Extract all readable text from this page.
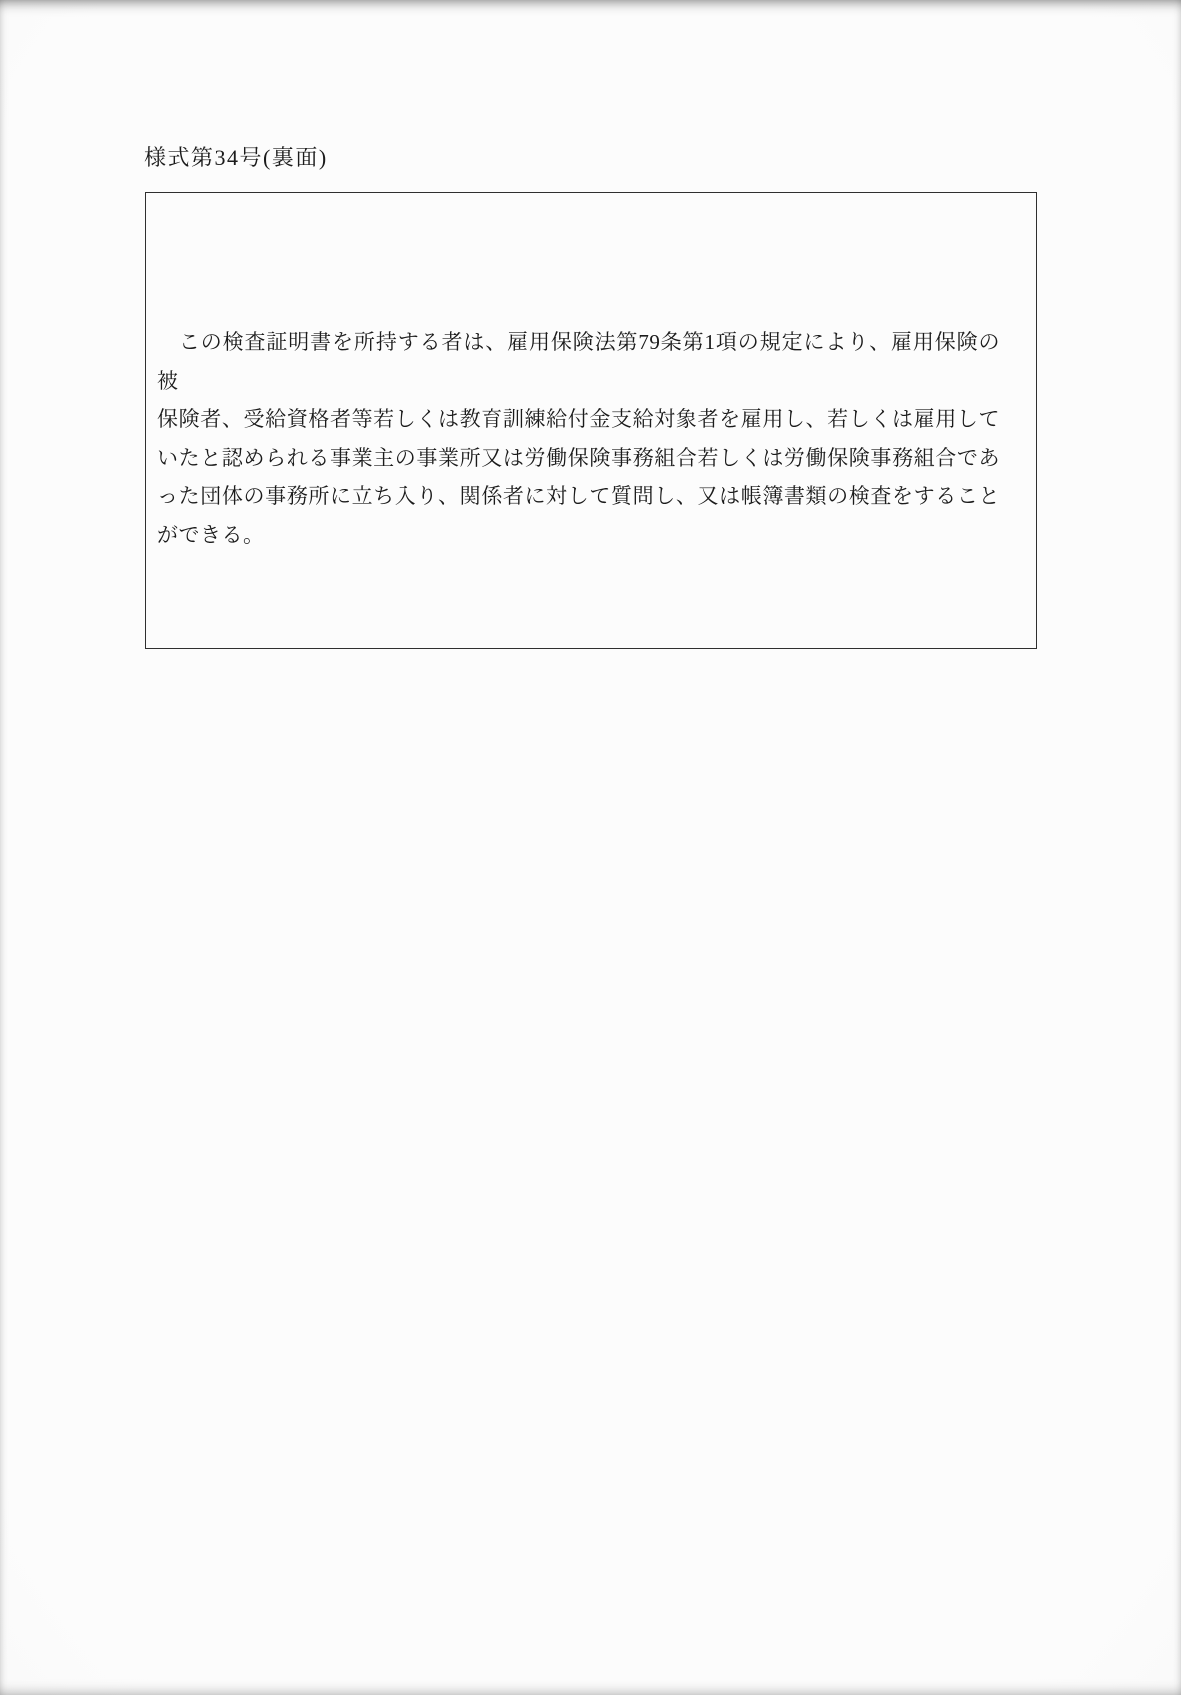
様式第34号(裏面)

　この検査証明書を所持する者は、雇用保険法第79条第1項の規定により、雇用保険の被

保険者、受給資格者等若しくは教育訓練給付金支給対象者を雇用し、若しくは雇用して

いたと認められる事業主の事業所又は労働保険事務組合若しくは労働保険事務組合であ

った団体の事務所に立ち入り、関係者に対して質問し、又は帳簿書類の検査をすること

ができる。
